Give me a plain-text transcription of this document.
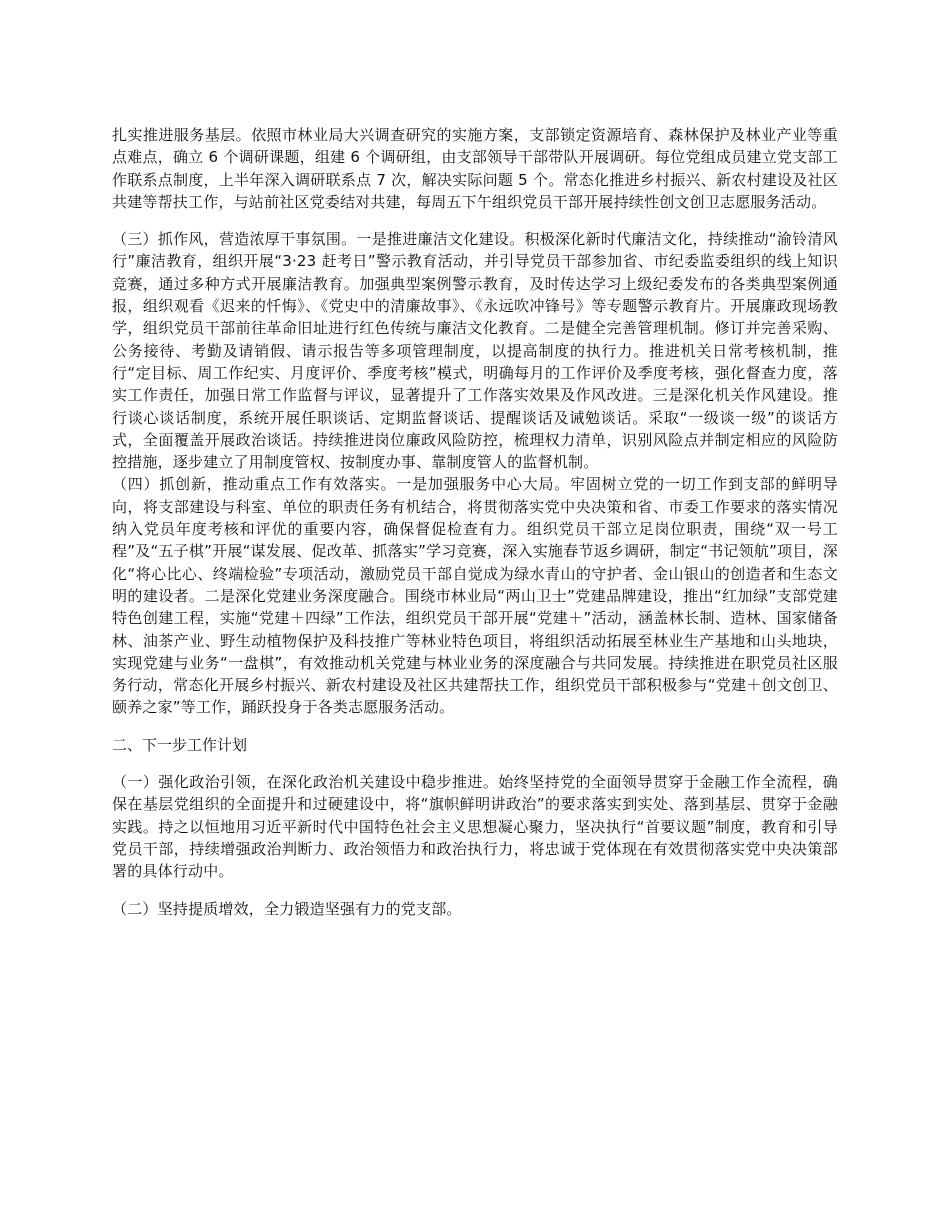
扎实推进服务基层。依照市林业局大兴调查研究的实施方案，支部锁定资源培育、森林保护及林业产业等重点难点，确立 6 个调研课题，组建 6 个调研组，由支部领导干部带队开展调研。每位党组成员建立党支部工作联系点制度，上半年深入调研联系点 7 次，解决实际问题 5 个。常态化推进乡村振兴、新农村建设及社区共建等帮扶工作，与站前社区党委结对共建，每周五下午组织党员干部开展持续性创文创卫志愿服务活动。

（三）抓作风，营造浓厚干事氛围。一是推进廉洁文化建设。积极深化新时代廉洁文化，持续推动“渝铃清风行”廉洁教育，组织开展“3·23 赶考日”警示教育活动，并引导党员干部参加省、市纪委监委组织的线上知识竞赛，通过多种方式开展廉洁教育。加强典型案例警示教育，及时传达学习上级纪委发布的各类典型案例通报，组织观看《迟来的忏悔》、《党史中的清廉故事》、《永远吹冲锋号》等专题警示教育片。开展廉政现场教学，组织党员干部前往革命旧址进行红色传统与廉洁文化教育。二是健全完善管理机制。修订并完善采购、公务接待、考勤及请销假、请示报告等多项管理制度，以提高制度的执行力。推进机关日常考核机制，推行“定目标、周工作纪实、月度评价、季度考核”模式，明确每月的工作评价及季度考核，强化督查力度，落实工作责任，加强日常工作监督与评议，显著提升了工作落实效果及作风改进。三是深化机关作风建设。推行谈心谈话制度，系统开展任职谈话、定期监督谈话、提醒谈话及诫勉谈话。采取“一级谈一级”的谈话方式，全面覆盖开展政治谈话。持续推进岗位廉政风险防控，梳理权力清单，识别风险点并制定相应的风险防控措施，逐步建立了用制度管权、按制度办事、靠制度管人的监督机制。

（四）抓创新，推动重点工作有效落实。一是加强服务中心大局。牢固树立党的一切工作到支部的鲜明导向，将支部建设与科室、单位的职责任务有机结合，将贯彻落实党中央决策和省、市委工作要求的落实情况纳入党员年度考核和评优的重要内容，确保督促检查有力。组织党员干部立足岗位职责，围绕“双一号工程”及“五子棋”开展“谋发展、促改革、抓落实”学习竞赛，深入实施春节返乡调研，制定“书记领航”项目，深化“将心比心、终端检验”专项活动，激励党员干部自觉成为绿水青山的守护者、金山银山的创造者和生态文明的建设者。二是深化党建业务深度融合。围绕市林业局“两山卫士”党建品牌建设，推出“红加绿”支部党建特色创建工程，实施“党建＋四绿”工作法，组织党员干部开展“党建＋”活动，涵盖林长制、造林、国家储备林、油茶产业、野生动植物保护及科技推广等林业特色项目，将组织活动拓展至林业生产基地和山头地块，实现党建与业务“一盘棋”，有效推动机关党建与林业业务的深度融合与共同发展。持续推进在职党员社区服务行动，常态化开展乡村振兴、新农村建设及社区共建帮扶工作，组织党员干部积极参与“党建＋创文创卫、颐养之家”等工作，踊跃投身于各类志愿服务活动。

二、下一步工作计划

（一）强化政治引领，在深化政治机关建设中稳步推进。始终坚持党的全面领导贯穿于金融工作全流程，确保在基层党组织的全面提升和过硬建设中，将“旗帜鲜明讲政治”的要求落实到实处、落到基层、贯穿于金融实践。持之以恒地用习近平新时代中国特色社会主义思想凝心聚力，坚决执行“首要议题”制度，教育和引导党员干部，持续增强政治判断力、政治领悟力和政治执行力，将忠诚于党体现在有效贯彻落实党中央决策部署的具体行动中。

（二）坚持提质增效，全力锻造坚强有力的党支部。
